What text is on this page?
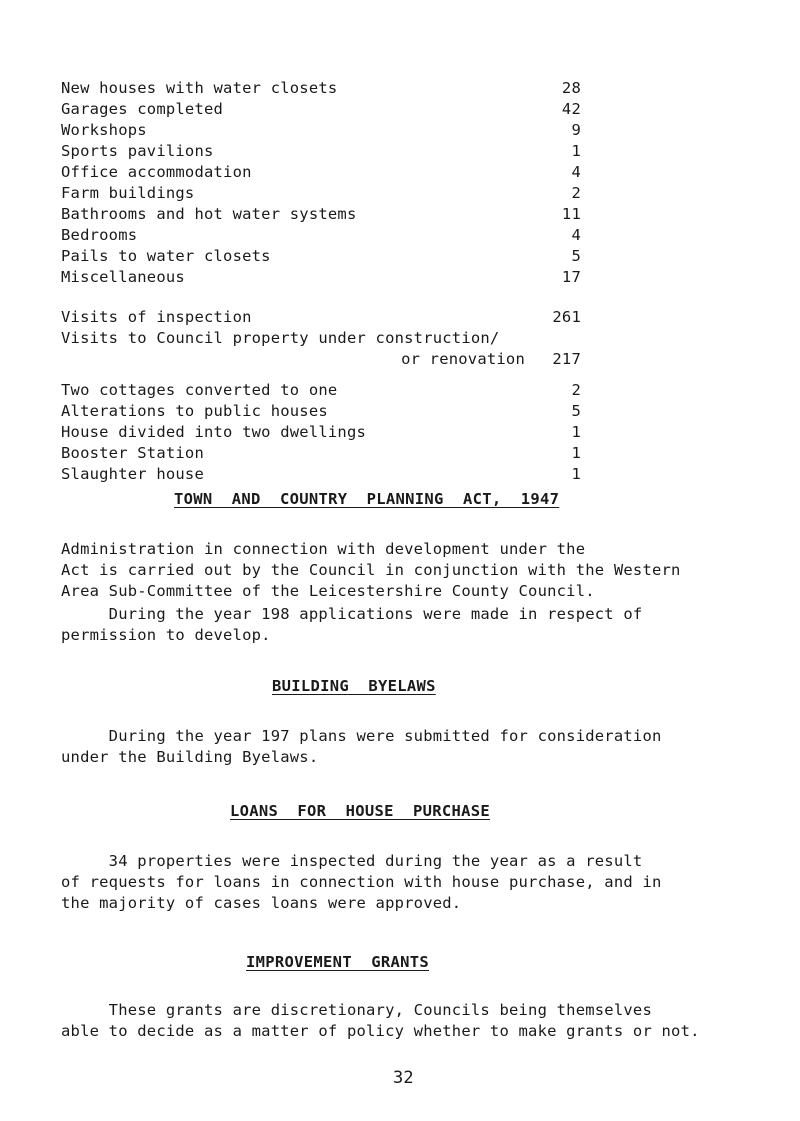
New houses with water closets	28
Garages completed	42
Workshops	9
Sports pavilions	1
Office accommodation	4
Farm buildings	2
Bathrooms and hot water systems	11
Bedrooms	4
Pails to water closets	5
Miscellaneous	17
Visits of inspection	261
Visits to Council property under construction/
or renovation	217
Two cottages converted to one	2
Alterations to public houses	5
House divided into two dwellings	1
Booster Station	1
Slaughter house	1
TOWN  AND  COUNTRY  PLANNING  ACT,  1947
Administration in connection with development under the
Act is carried out by the Council in conjunction with the Western
Area Sub-Committee of the Leicestershire County Council.
During the year 198 applications were made in respect of
permission to develop.
BUILDING  BYELAWS
During the year 197 plans were submitted for consideration
under the Building Byelaws.
LOANS  FOR  HOUSE  PURCHASE
34 properties were inspected during the year as a result
of requests for loans in connection with house purchase, and in
the majority of cases loans were approved.
IMPROVEMENT  GRANTS
These grants are discretionary, Councils being themselves
able to decide as a matter of policy whether to make grants or not.
32
